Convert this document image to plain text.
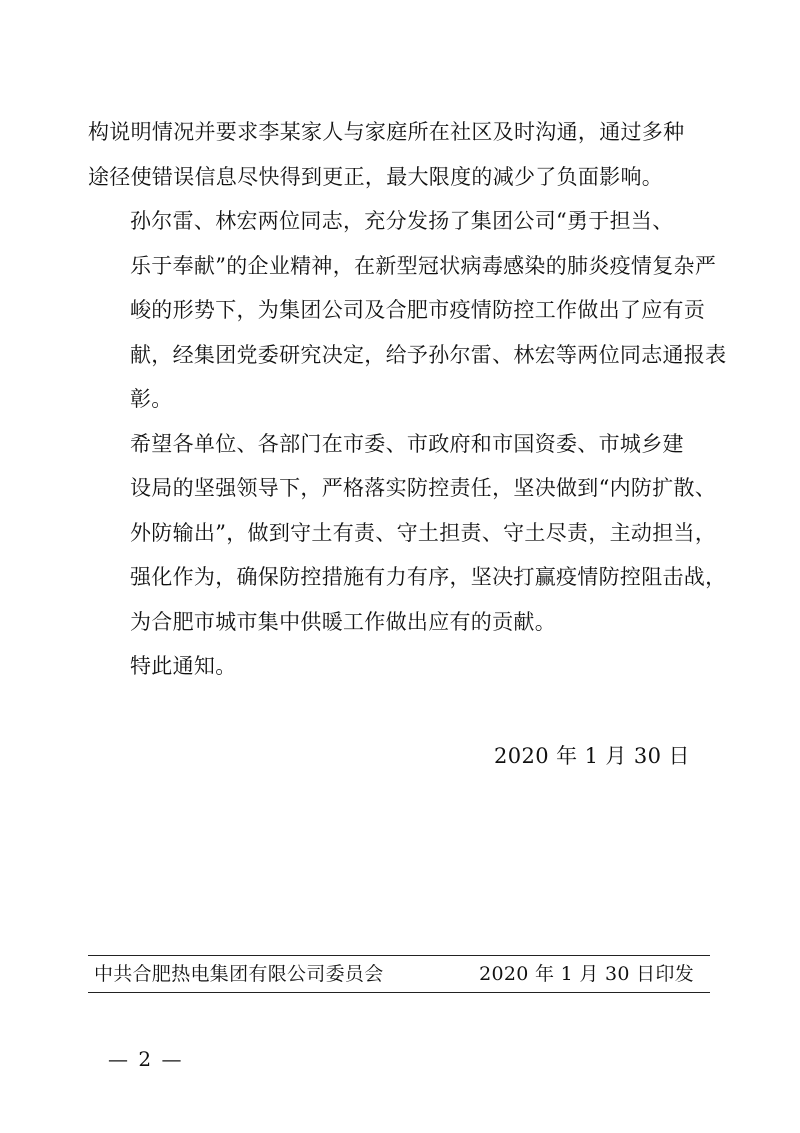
构说明情况并要求李某家人与家庭所在社区及时沟通，通过多种
途径使错误信息尽快得到更正，最大限度的减少了负面影响。

孙尔雷、林宏两位同志，充分发扬了集团公司“勇于担当、
乐于奉献”的企业精神，在新型冠状病毒感染的肺炎疫情复杂严
峻的形势下，为集团公司及合肥市疫情防控工作做出了应有贡
献，经集团党委研究决定，给予孙尔雷、林宏等两位同志通报表
彰。

希望各单位、各部门在市委、市政府和市国资委、市城乡建
设局的坚强领导下，严格落实防控责任，坚决做到“内防扩散、
外防输出”，做到守土有责、守土担责、守土尽责，主动担当，
强化作为，确保防控措施有力有序，坚决打赢疫情防控阻击战，
为合肥市城市集中供暖工作做出应有的贡献。

特此通知。

2020 年 1 月 30 日
中共合肥热电集团有限公司委员会	2020 年 1 月 30 日印发
— 2 —
